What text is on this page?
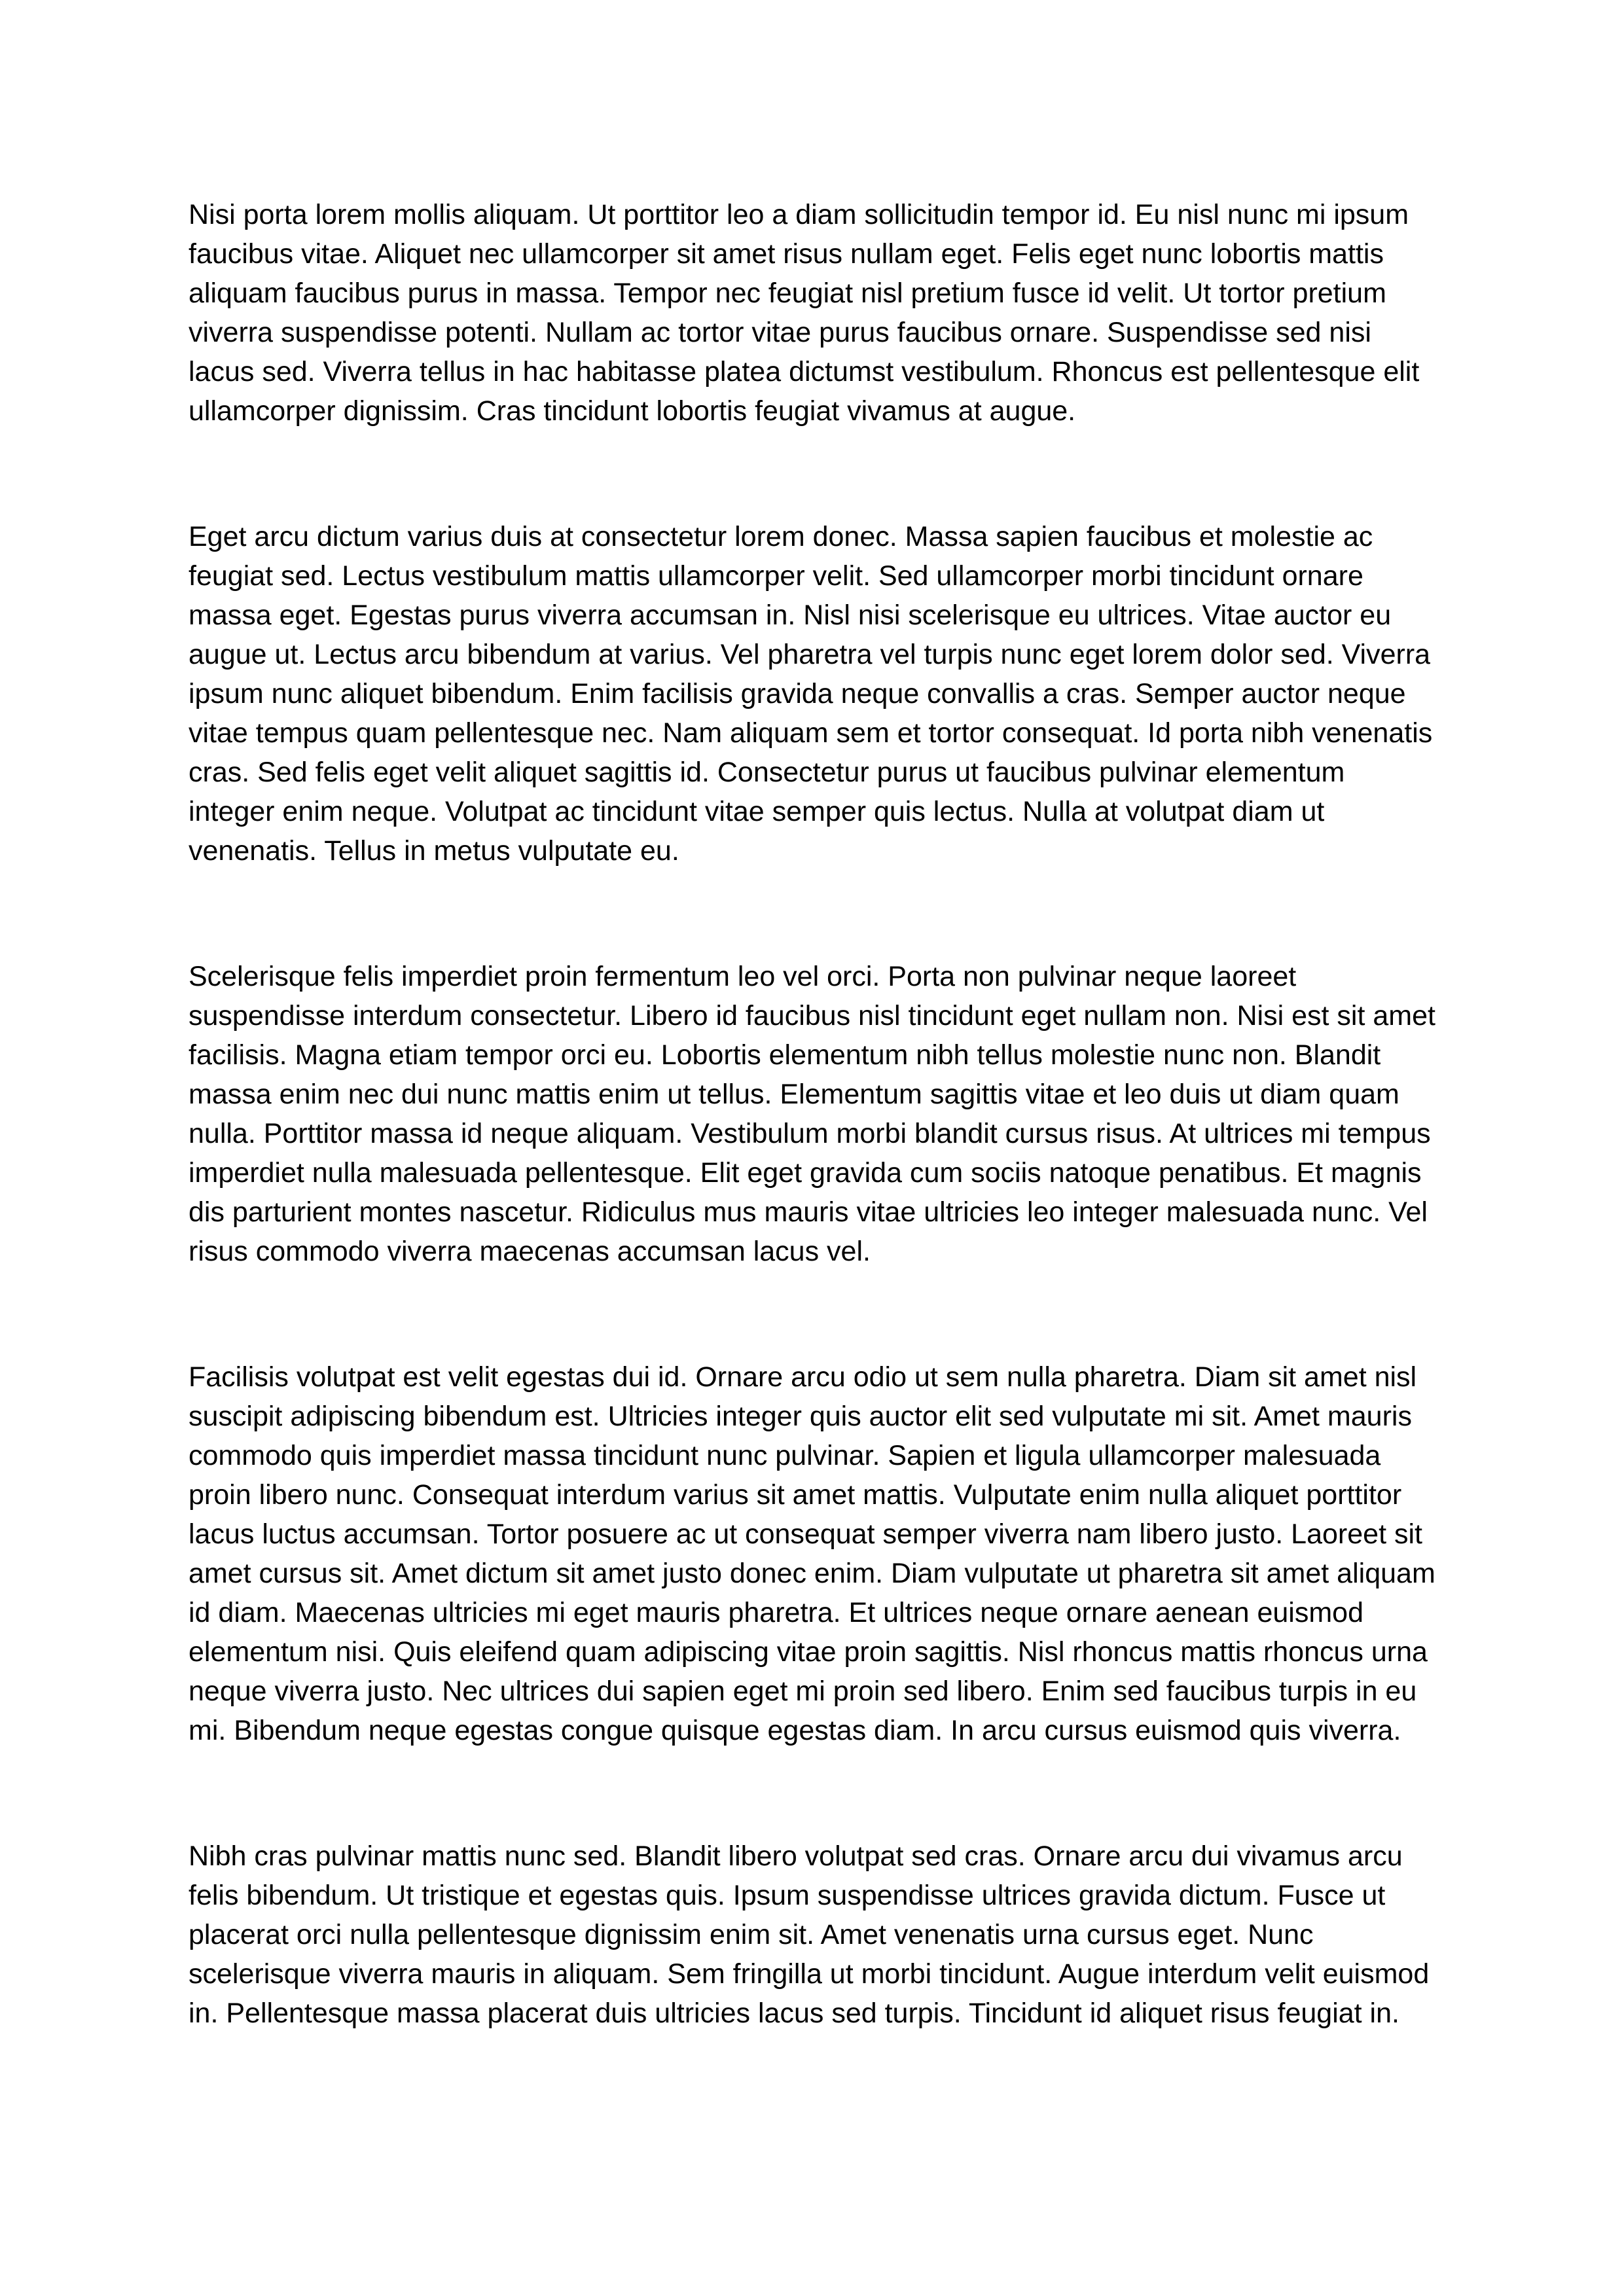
Nisi porta lorem mollis aliquam. Ut porttitor leo a diam sollicitudin tempor id. Eu nisl nunc mi ipsum faucibus vitae. Aliquet nec ullamcorper sit amet risus nullam eget. Felis eget nunc lobortis mattis aliquam faucibus purus in massa. Tempor nec feugiat nisl pretium fusce id velit. Ut tortor pretium viverra suspendisse potenti. Nullam ac tortor vitae purus faucibus ornare. Suspendisse sed nisi lacus sed. Viverra tellus in hac habitasse platea dictumst vestibulum. Rhoncus est pellentesque elit ullamcorper dignissim. Cras tincidunt lobortis feugiat vivamus at augue.

Eget arcu dictum varius duis at consectetur lorem donec. Massa sapien faucibus et molestie ac feugiat sed. Lectus vestibulum mattis ullamcorper velit. Sed ullamcorper morbi tincidunt ornare massa eget. Egestas purus viverra accumsan in. Nisl nisi scelerisque eu ultrices. Vitae auctor eu augue ut. Lectus arcu bibendum at varius. Vel pharetra vel turpis nunc eget lorem dolor sed. Viverra ipsum nunc aliquet bibendum. Enim facilisis gravida neque convallis a cras. Semper auctor neque vitae tempus quam pellentesque nec. Nam aliquam sem et tortor consequat. Id porta nibh venenatis cras. Sed felis eget velit aliquet sagittis id. Consectetur purus ut faucibus pulvinar elementum integer enim neque. Volutpat ac tincidunt vitae semper quis lectus. Nulla at volutpat diam ut venenatis. Tellus in metus vulputate eu.

Scelerisque felis imperdiet proin fermentum leo vel orci. Porta non pulvinar neque laoreet suspendisse interdum consectetur. Libero id faucibus nisl tincidunt eget nullam non. Nisi est sit amet facilisis. Magna etiam tempor orci eu. Lobortis elementum nibh tellus molestie nunc non. Blandit massa enim nec dui nunc mattis enim ut tellus. Elementum sagittis vitae et leo duis ut diam quam nulla. Porttitor massa id neque aliquam. Vestibulum morbi blandit cursus risus. At ultrices mi tempus imperdiet nulla malesuada pellentesque. Elit eget gravida cum sociis natoque penatibus. Et magnis dis parturient montes nascetur. Ridiculus mus mauris vitae ultricies leo integer malesuada nunc. Vel risus commodo viverra maecenas accumsan lacus vel.

Facilisis volutpat est velit egestas dui id. Ornare arcu odio ut sem nulla pharetra. Diam sit amet nisl suscipit adipiscing bibendum est. Ultricies integer quis auctor elit sed vulputate mi sit. Amet mauris commodo quis imperdiet massa tincidunt nunc pulvinar. Sapien et ligula ullamcorper malesuada proin libero nunc. Consequat interdum varius sit amet mattis. Vulputate enim nulla aliquet porttitor lacus luctus accumsan. Tortor posuere ac ut consequat semper viverra nam libero justo. Laoreet sit amet cursus sit. Amet dictum sit amet justo donec enim. Diam vulputate ut pharetra sit amet aliquam id diam. Maecenas ultricies mi eget mauris pharetra. Et ultrices neque ornare aenean euismod elementum nisi. Quis eleifend quam adipiscing vitae proin sagittis. Nisl rhoncus mattis rhoncus urna neque viverra justo. Nec ultrices dui sapien eget mi proin sed libero. Enim sed faucibus turpis in eu mi. Bibendum neque egestas congue quisque egestas diam. In arcu cursus euismod quis viverra.

Nibh cras pulvinar mattis nunc sed. Blandit libero volutpat sed cras. Ornare arcu dui vivamus arcu felis bibendum. Ut tristique et egestas quis. Ipsum suspendisse ultrices gravida dictum. Fusce ut placerat orci nulla pellentesque dignissim enim sit. Amet venenatis urna cursus eget. Nunc scelerisque viverra mauris in aliquam. Sem fringilla ut morbi tincidunt. Augue interdum velit euismod in. Pellentesque massa placerat duis ultricies lacus sed turpis. Tincidunt id aliquet risus feugiat in.
